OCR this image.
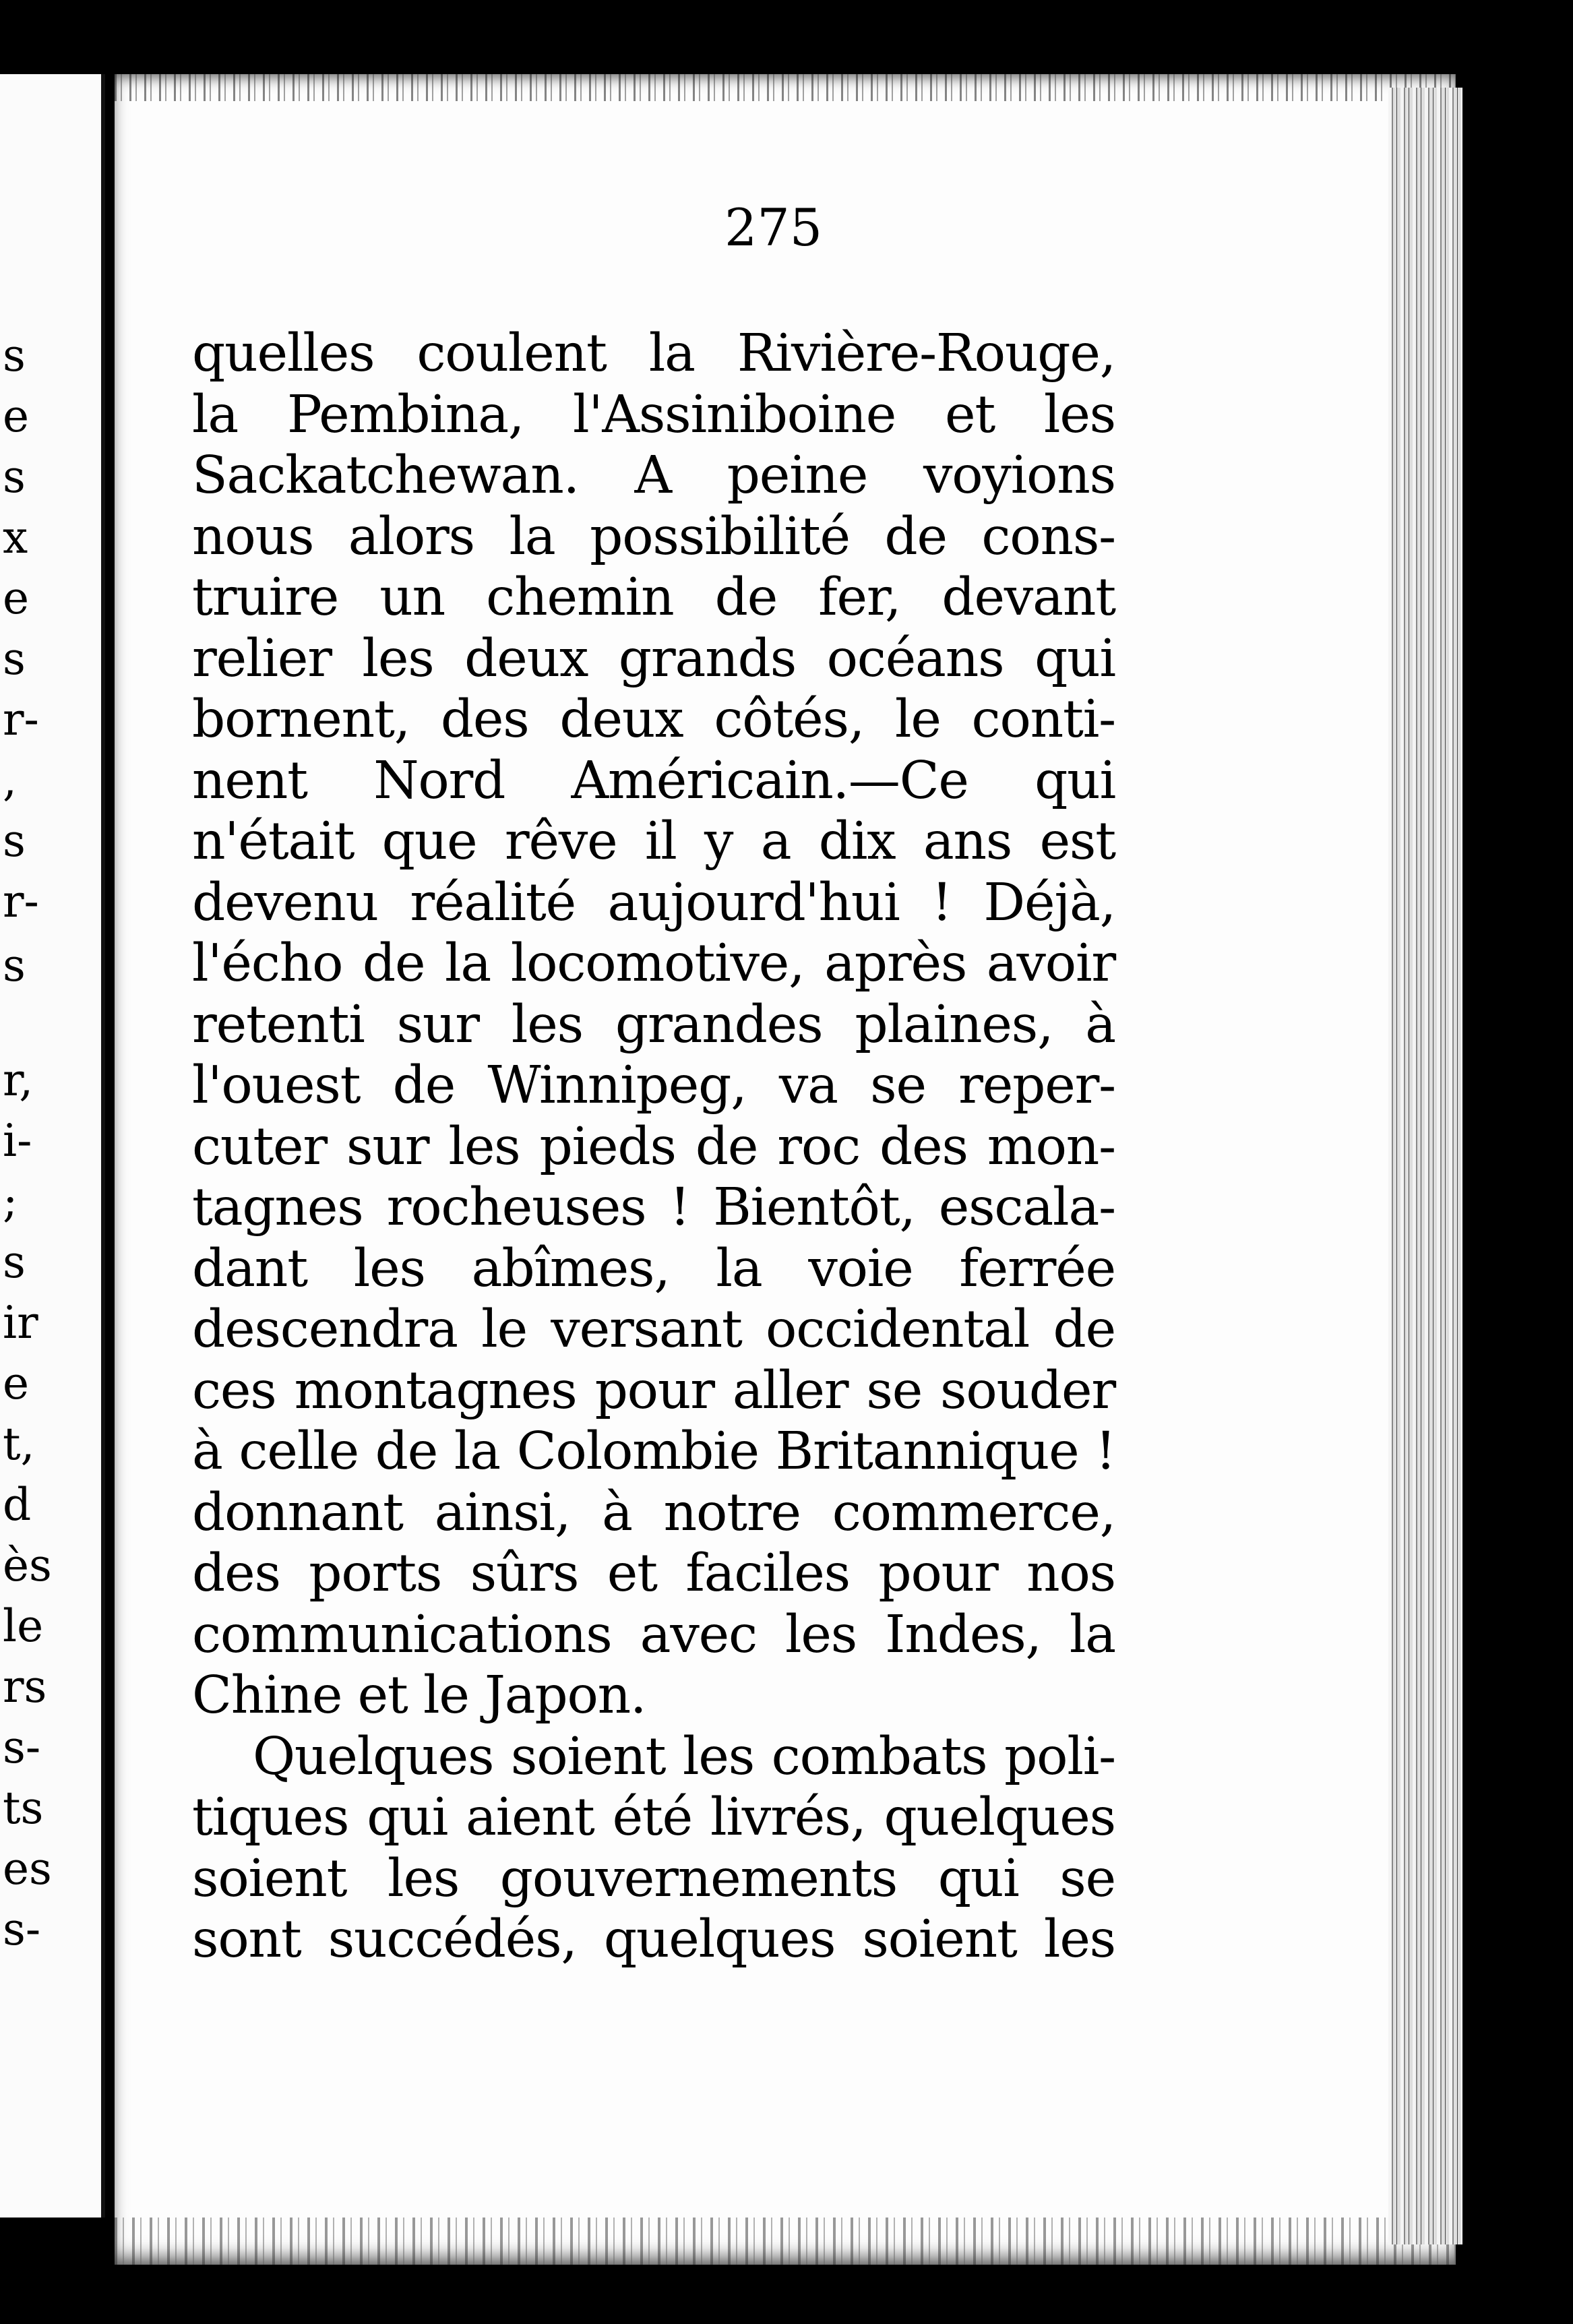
s
e
s
x
e
s
r-
,
s
r-
s
r,
i-
;
s
ir
e
t,
d
ès
le
rs
s-
ts
es
s-
275
quelles coulent la Rivière-Rouge,
la Pembina, l'Assiniboine et les
Sackatchewan. A peine voyions
nous alors la possibilité de cons-
truire un chemin de fer, devant
relier les deux grands océans qui
bornent, des deux côtés, le conti-
nent Nord Américain.—Ce qui
n'était que rêve il y a dix ans est
devenu réalité aujourd'hui ! Déjà,
l'écho de la locomotive, après avoir
retenti sur les grandes plaines, à
l'ouest de Winnipeg, va se reper-
cuter sur les pieds de roc des mon-
tagnes rocheuses ! Bientôt, escala-
dant les abîmes, la voie ferrée
descendra le versant occidental de
ces montagnes pour aller se souder
à celle de la Colombie Britannique !
donnant ainsi, à notre commerce,
des ports sûrs et faciles pour nos
communications avec les Indes, la
Chine et le Japon.
Quelques soient les combats poli-
tiques qui aient été livrés, quelques
soient les gouvernements qui se
sont succédés, quelques soient les
